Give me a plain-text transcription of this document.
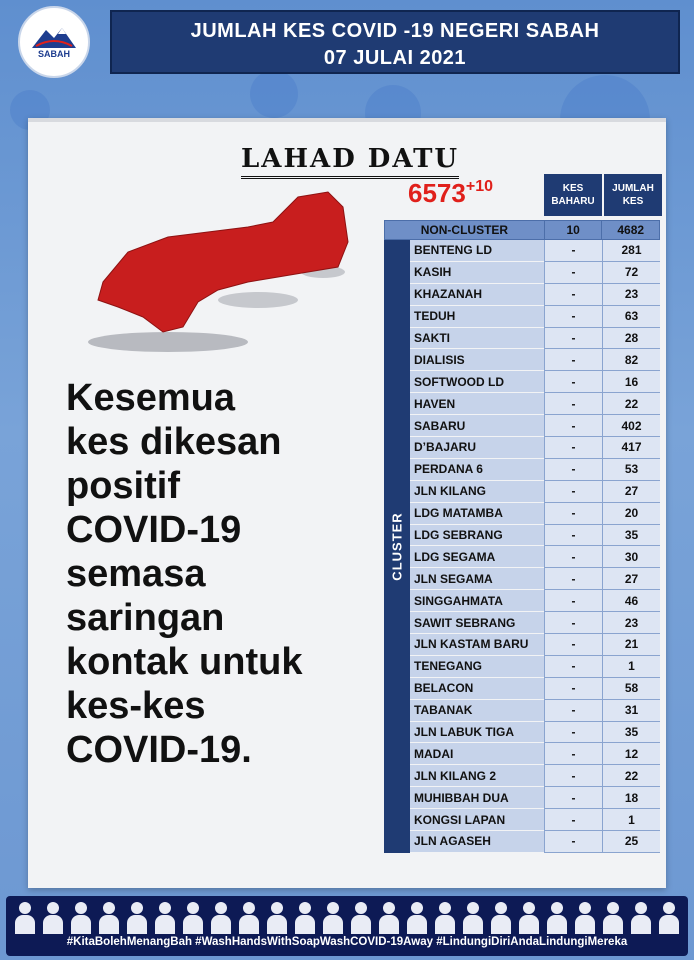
SABAH
JUMLAH KES COVID -19 NEGERI SABAH
07 JULAI 2021
LAHAD DATU
6573+10	KES
BAHARU
JUMLAH
KES
Kesemua
kes dikesan
positif
COVID-19
semasa
saringan
kontak untuk
kes-kes
COVID-19.
NON-CLUSTER	10	4682
CLUSTER
BENTENG LD	-	281
KASIH	-	72
KHAZANAH	-	23
TEDUH	-	63
SAKTI	-	28
DIALISIS	-	82
SOFTWOOD LD	-	16
HAVEN	-	22
SABARU	-	402
D’BAJARU	-	417
PERDANA 6	-	53
JLN KILANG	-	27
LDG MATAMBA	-	20
LDG SEBRANG	-	35
LDG SEGAMA	-	30
JLN SEGAMA	-	27
SINGGAHMATA	-	46
SAWIT SEBRANG	-	23
JLN KASTAM BARU	-	21
TENEGANG	-	1
BELACON	-	58
TABANAK	-	31
JLN LABUK TIGA	-	35
MADAI	-	12
JLN KILANG 2	-	22
MUHIBBAH DUA	-	18
KONGSI LAPAN	-	1
JLN AGASEH	-	25
#KitaBolehMenangBah #WashHandsWithSoapWashCOVID-19Away #LindungiDiriAndaLindungiMereka
